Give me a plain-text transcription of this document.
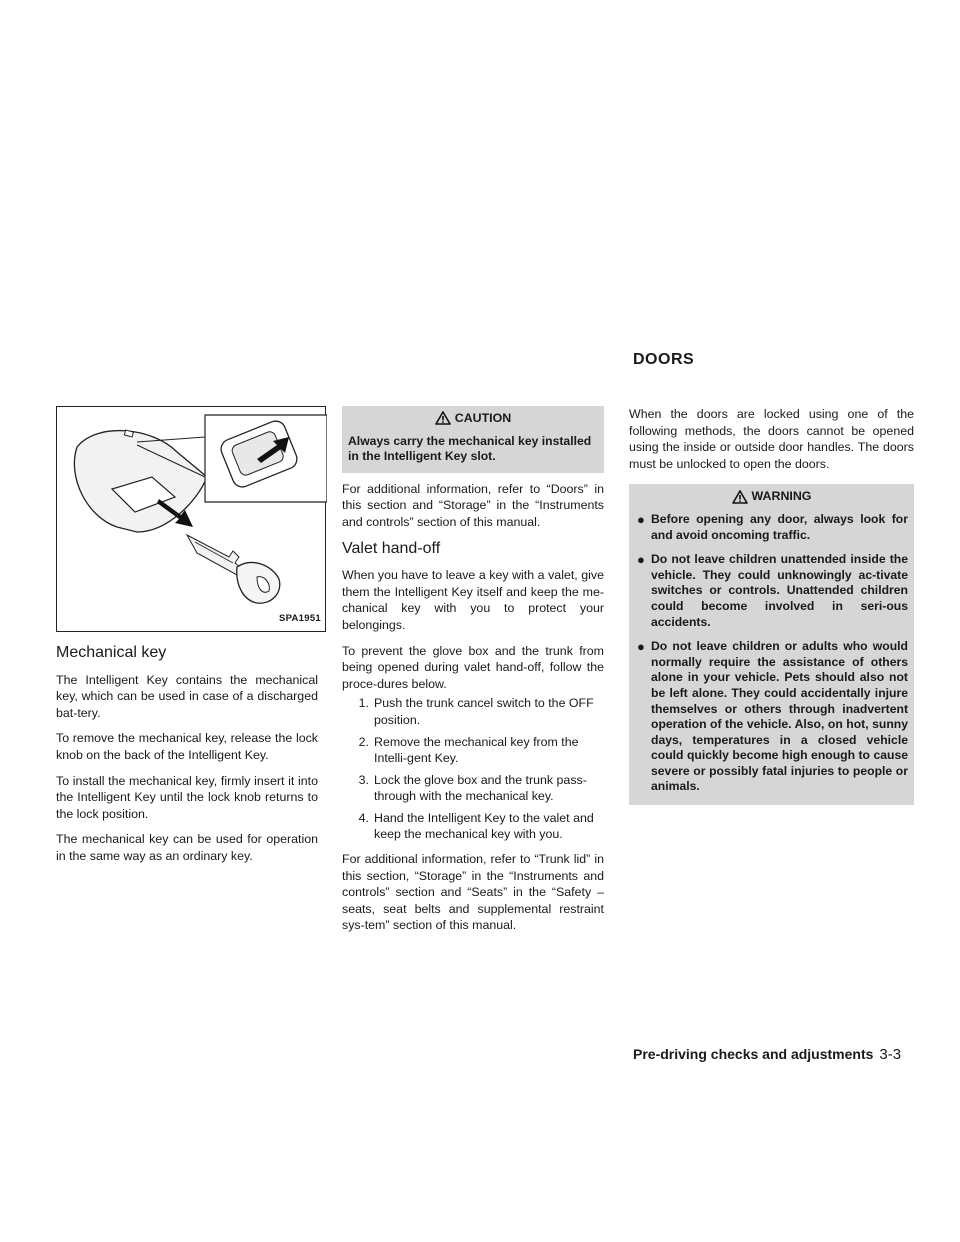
DOORS
SPA1951
Mechanical key

The Intelligent Key contains the mechanical key, which can be used in case of a discharged bat-tery.

To remove the mechanical key, release the lock knob on the back of the Intelligent Key.

To install the mechanical key, firmly insert it into the Intelligent Key until the lock knob returns to the lock position.

The mechanical key can be used for operation in the same way as an ordinary key.

CAUTION
Always carry the mechanical key installed in the Intelligent Key slot.

For additional information, refer to “Doors” in this section and “Storage” in the “Instruments and controls” section of this manual.

Valet hand-off

When you have to leave a key with a valet, give them the Intelligent Key itself and keep the me-chanical key with you to protect your belongings.

To prevent the glove box and the trunk from being opened during valet hand-off, follow the proce-dures below.

1. Push the trunk cancel switch to the OFF position.
2. Remove the mechanical key from the Intelli-gent Key.
3. Lock the glove box and the trunk pass-through with the mechanical key.
4. Hand the Intelligent Key to the valet and keep the mechanical key with you.

For additional information, refer to “Trunk lid” in this section, “Storage” in the “Instruments and controls” section and “Seats” in the “Safety – seats, seat belts and supplemental restraint sys-tem” section of this manual.

When the doors are locked using one of the following methods, the doors cannot be opened using the inside or outside door handles. The doors must be unlocked to open the doors.

WARNING
● Before opening any door, always look for and avoid oncoming traffic.
● Do not leave children unattended inside the vehicle. They could unknowingly ac-tivate switches or controls. Unattended children could become involved in seri-ous accidents.
● Do not leave children or adults who would normally require the assistance of others alone in your vehicle. Pets should also not be left alone. They could accidentally injure themselves or others through inadvertent operation of the vehicle. Also, on hot, sunny days, temperatures in a closed vehicle could quickly become high enough to cause severe or possibly fatal injuries to people or animals.
Pre-driving checks and adjustments 3-3
